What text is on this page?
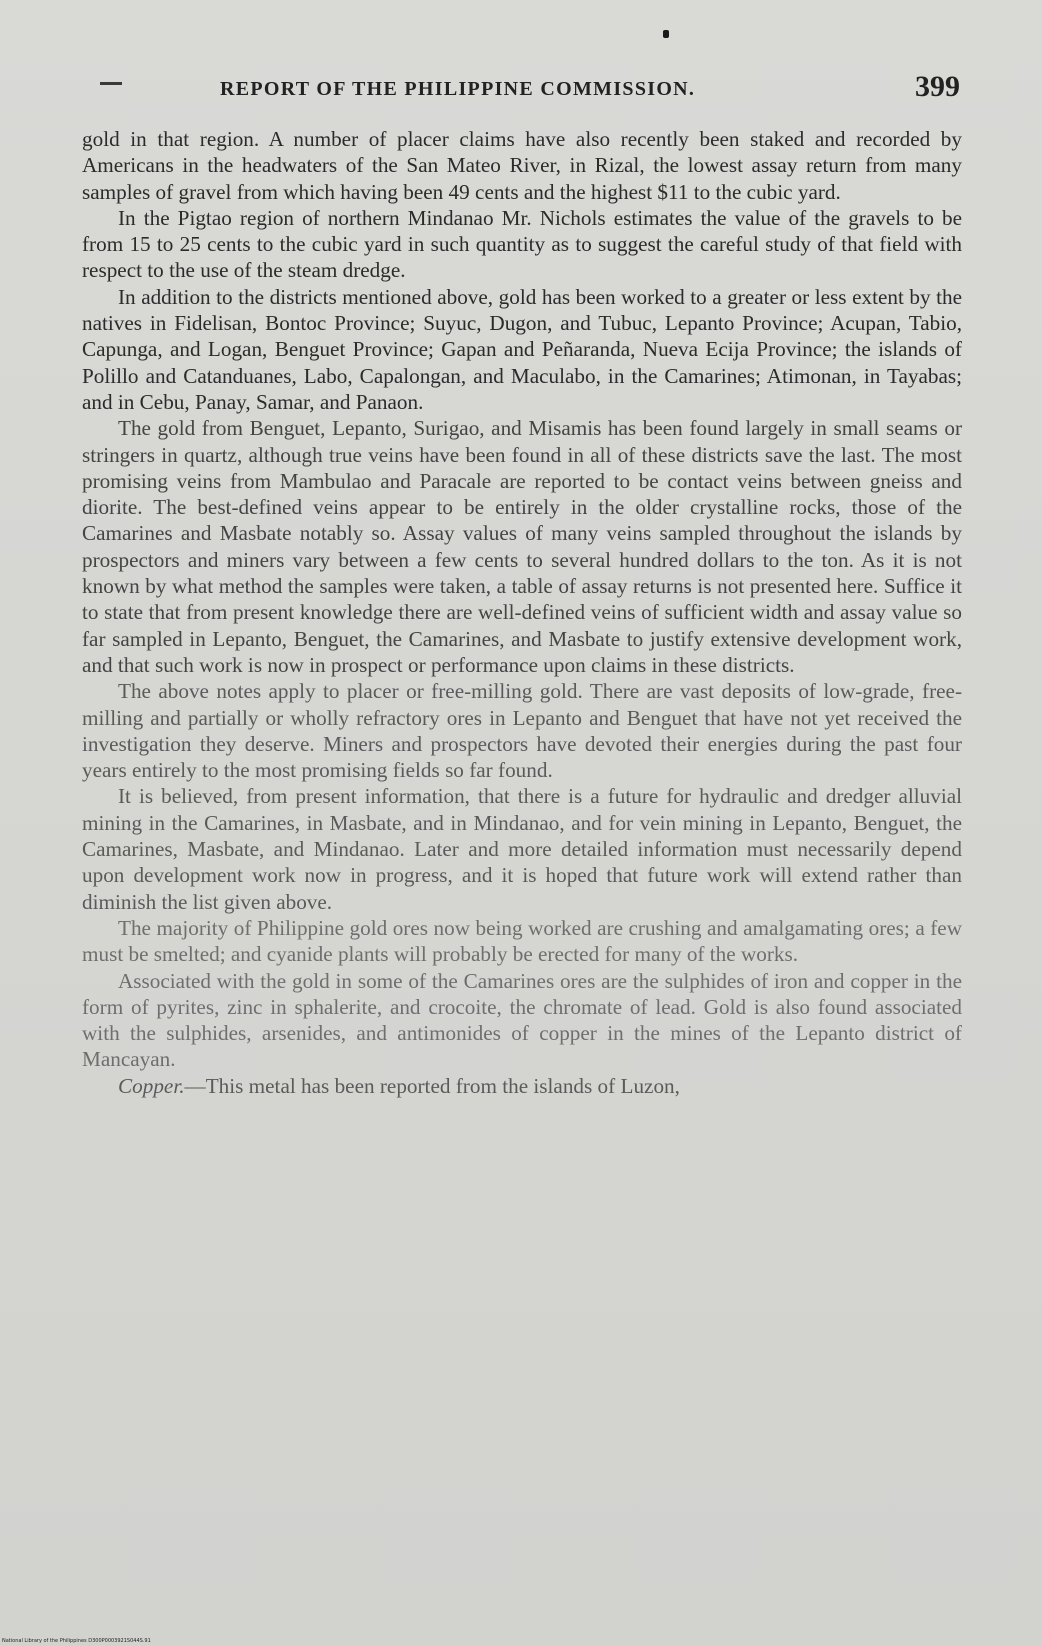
REPORT OF THE PHILIPPINE COMMISSION.	399

gold in that region. A number of placer claims have also recently been staked and recorded by Americans in the headwaters of the San Mateo River, in Rizal, the lowest assay return from many samples of gravel from which having been 49 cents and the highest $11 to the cubic yard.

In the Pigtao region of northern Mindanao Mr. Nichols estimates the value of the gravels to be from 15 to 25 cents to the cubic yard in such quantity as to suggest the careful study of that field with respect to the use of the steam dredge.

In addition to the districts mentioned above, gold has been worked to a greater or less extent by the natives in Fidelisan, Bontoc Province; Suyuc, Dugon, and Tubuc, Lepanto Province; Acupan, Tabio, Capunga, and Logan, Benguet Province; Gapan and Peñaranda, Nueva Ecija Province; the islands of Polillo and Catanduanes, Labo, Capalongan, and Maculabo, in the Camarines; Atimonan, in Tayabas; and in Cebu, Panay, Samar, and Panaon.

The gold from Benguet, Lepanto, Surigao, and Misamis has been found largely in small seams or stringers in quartz, although true veins have been found in all of these districts save the last. The most promising veins from Mambulao and Paracale are reported to be contact veins between gneiss and diorite. The best-defined veins appear to be entirely in the older crystalline rocks, those of the Camarines and Masbate notably so. Assay values of many veins sampled throughout the islands by prospectors and miners vary between a few cents to several hundred dollars to the ton. As it is not known by what method the samples were taken, a table of assay returns is not presented here. Suffice it to state that from present knowledge there are well-defined veins of sufficient width and assay value so far sampled in Lepanto, Benguet, the Camarines, and Masbate to justify extensive development work, and that such work is now in prospect or performance upon claims in these districts.

The above notes apply to placer or free-milling gold. There are vast deposits of low-grade, free-milling and partially or wholly refractory ores in Lepanto and Benguet that have not yet received the investigation they deserve. Miners and prospectors have devoted their energies during the past four years entirely to the most promising fields so far found.

It is believed, from present information, that there is a future for hydraulic and dredger alluvial mining in the Camarines, in Masbate, and in Mindanao, and for vein mining in Lepanto, Benguet, the Camarines, Masbate, and Mindanao. Later and more detailed information must necessarily depend upon development work now in progress, and it is hoped that future work will extend rather than diminish the list given above.

The majority of Philippine gold ores now being worked are crushing and amalgamating ores; a few must be smelted; and cyanide plants will probably be erected for many of the works.

Associated with the gold in some of the Camarines ores are the sulphides of iron and copper in the form of pyrites, zinc in sphalerite, and crocoite, the chromate of lead. Gold is also found associated with the sulphides, arsenides, and antimonides of copper in the mines of the Lepanto district of Mancayan.

Copper.—This metal has been reported from the islands of Luzon,

National Library of the Philippines D300P0003921S044S.91
